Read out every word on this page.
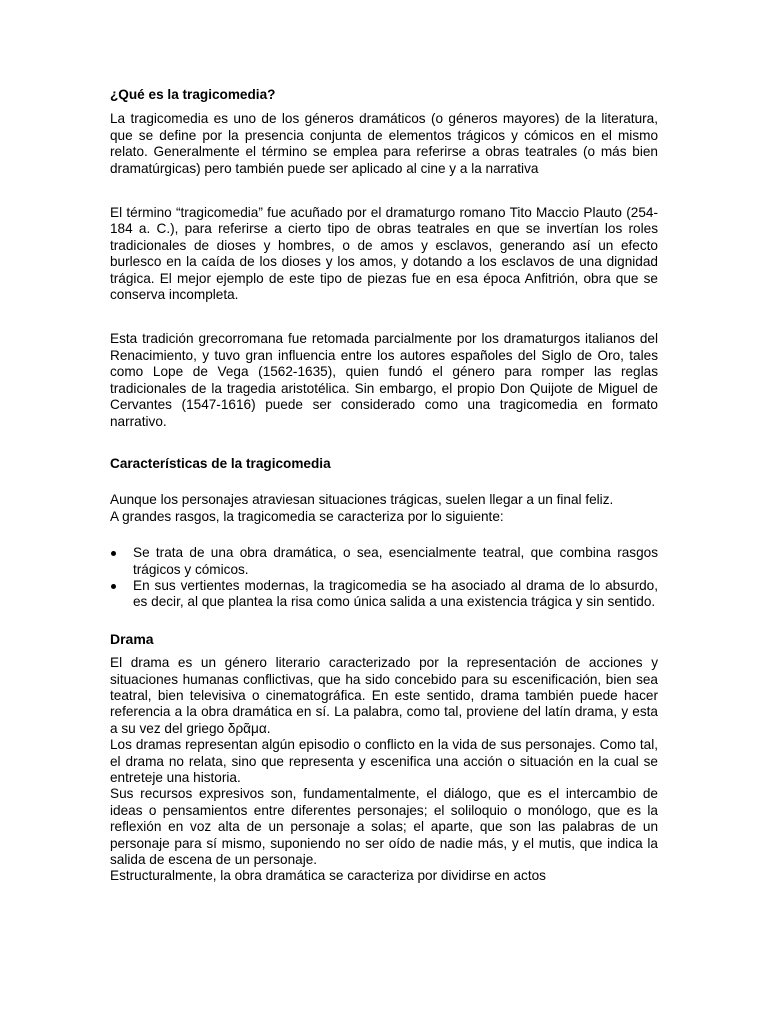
¿Qué es la tragicomedia?

La tragicomedia es uno de los géneros dramáticos (o géneros mayores) de la literatura, que se define por la presencia conjunta de elementos trágicos y cómicos en el mismo relato. Generalmente el término se emplea para referirse a obras teatrales (o más bien dramatúrgicas) pero también puede ser aplicado al cine y a la narrativa

El término “tragicomedia” fue acuñado por el dramaturgo romano Tito Maccio Plauto (254-184 a. C.), para referirse a cierto tipo de obras teatrales en que se invertían los roles tradicionales de dioses y hombres, o de amos y esclavos, generando así un efecto burlesco en la caída de los dioses y los amos, y dotando a los esclavos de una dignidad trágica. El mejor ejemplo de este tipo de piezas fue en esa época Anfitrión, obra que se conserva incompleta.

Esta tradición grecorromana fue retomada parcialmente por los dramaturgos italianos del Renacimiento, y tuvo gran influencia entre los autores españoles del Siglo de Oro, tales como Lope de Vega (1562-1635), quien fundó el género para romper las reglas tradicionales de la tragedia aristotélica. Sin embargo, el propio Don Quijote de Miguel de Cervantes (1547-1616) puede ser considerado como una tragicomedia en formato narrativo.

Características de la tragicomedia

Aunque los personajes atraviesan situaciones trágicas, suelen llegar a un final feliz.

A grandes rasgos, la tragicomedia se caracteriza por lo siguiente:

Se trata de una obra dramática, o sea, esencialmente teatral, que combina rasgos trágicos y cómicos.
En sus vertientes modernas, la tragicomedia se ha asociado al drama de lo absurdo, es decir, al que plantea la risa como única salida a una existencia trágica y sin sentido.
Drama

El drama es un género literario caracterizado por la representación de acciones y situaciones humanas conflictivas, que ha sido concebido para su escenificación, bien sea teatral, bien televisiva o cinematográfica. En este sentido, drama también puede hacer referencia a la obra dramática en sí. La palabra, como tal, proviene del latín drama, y esta a su vez del griego δρᾶμα.

Los dramas representan algún episodio o conflicto en la vida de sus personajes. Como tal, el drama no relata, sino que representa y escenifica una acción o situación en la cual se entreteje una historia.

Sus recursos expresivos son, fundamentalmente, el diálogo, que es el intercambio de ideas o pensamientos entre diferentes personajes; el soliloquio o monólogo, que es la reflexión en voz alta de un personaje a solas; el aparte, que son las palabras de un personaje para sí mismo, suponiendo no ser oído de nadie más, y el mutis, que indica la salida de escena de un personaje.

Estructuralmente, la obra dramática se caracteriza por dividirse en actos
